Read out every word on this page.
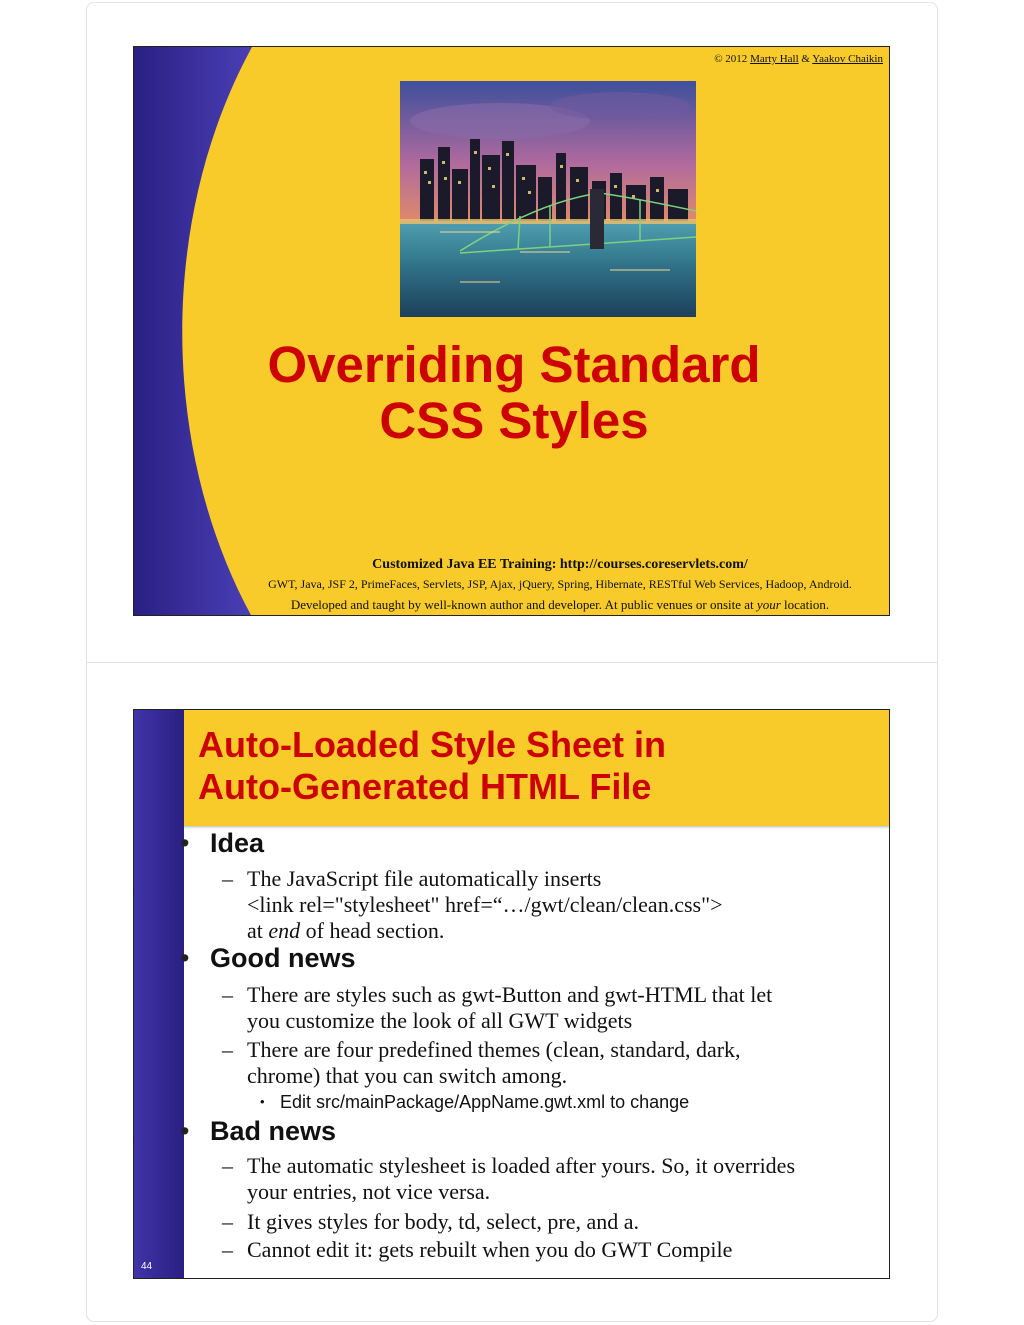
© 2012 Marty Hall & Yaakov Chaikin
Overriding Standard
CSS Styles
Customized Java EE Training: http://courses.coreservlets.com/
GWT, Java, JSF 2, PrimeFaces, Servlets, JSP, Ajax, jQuery, Spring, Hibernate, RESTful Web Services, Hadoop, Android.
Developed and taught by well-known author and developer. At public venues or onsite at your location.
Auto-Loaded Style Sheet in
Auto-Generated HTML File
• Idea
– The JavaScript file automatically inserts
<link rel="stylesheet" href=“…/gwt/clean/clean.css">
at end of head section.
• Good news
– There are styles such as gwt-Button and gwt-HTML that let
you customize the look of all GWT widgets
– There are four predefined themes (clean, standard, dark,
chrome) that you can switch among.
• Edit src/mainPackage/AppName.gwt.xml to change
• Bad news
– The automatic stylesheet is loaded after yours. So, it overrides
your entries, not vice versa.
– It gives styles for body, td, select, pre, and a.
– Cannot edit it: gets rebuilt when you do GWT Compile
44
